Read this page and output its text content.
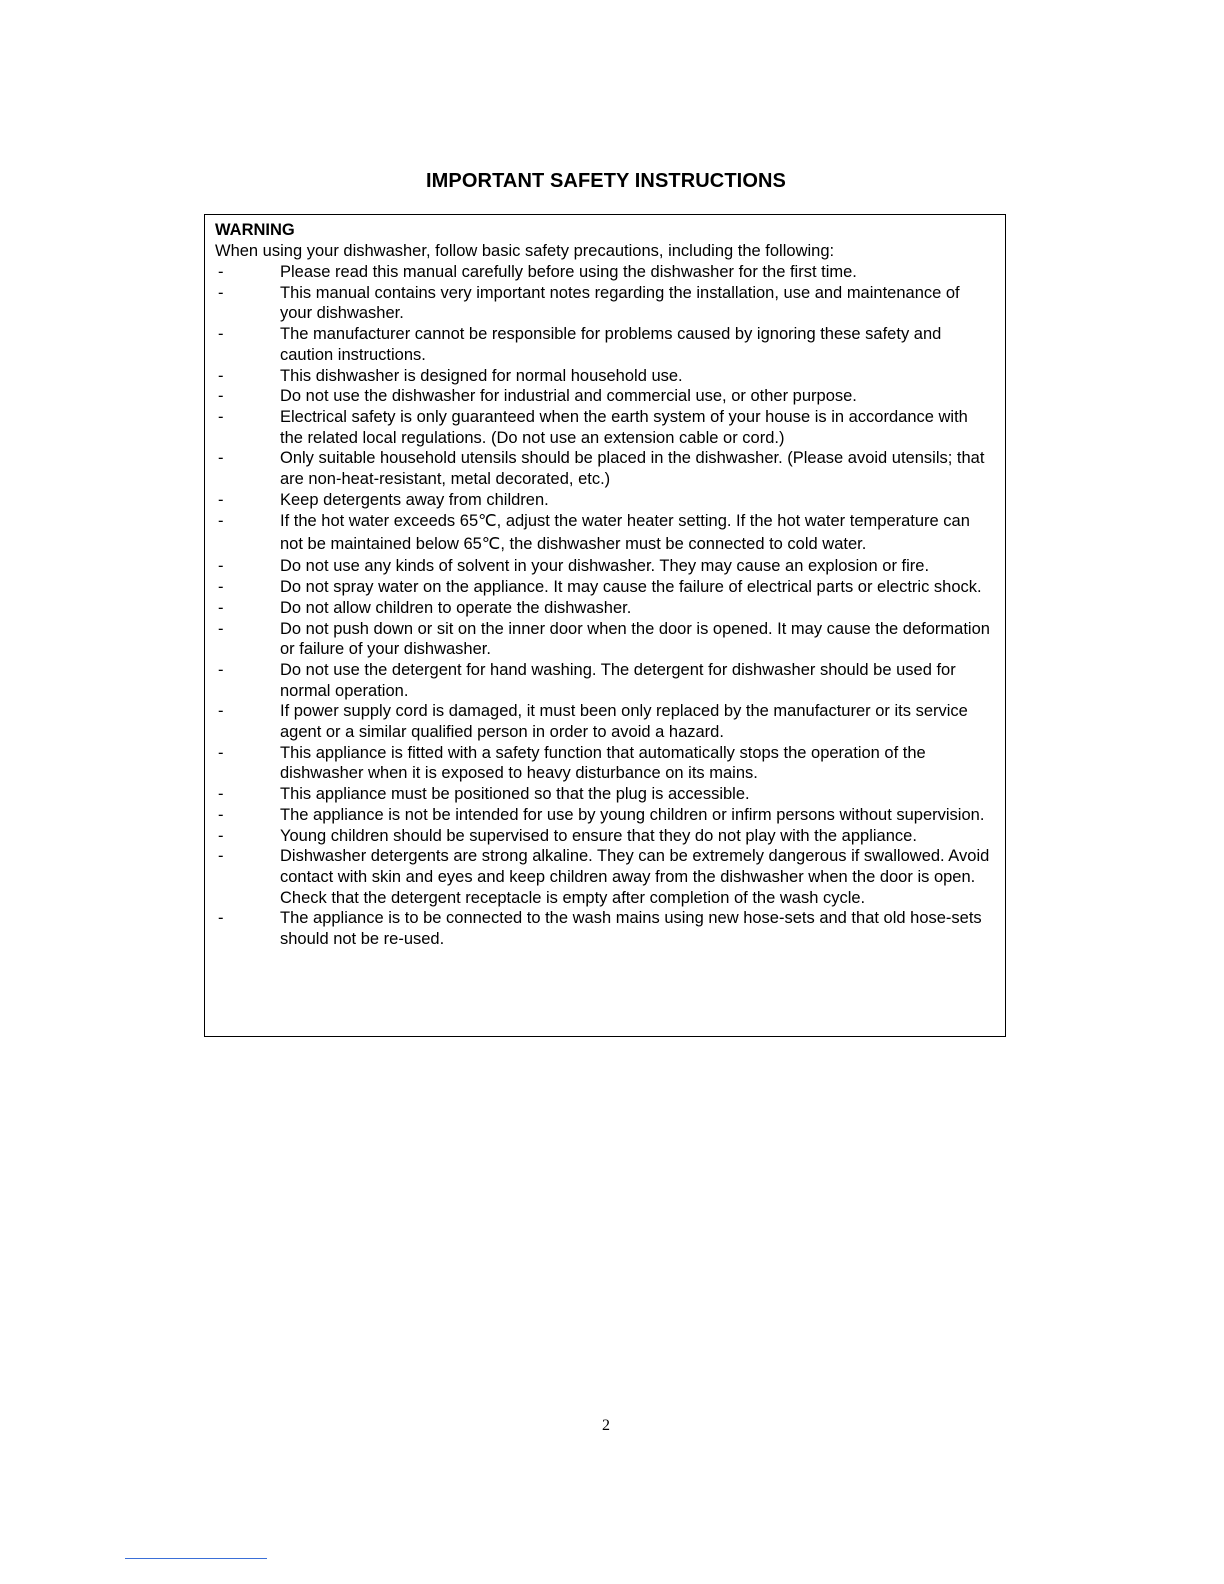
IMPORTANT SAFETY INSTRUCTIONS
WARNING
When using your dishwasher, follow basic safety precautions, including the following:
-	Please read this manual carefully before using the dishwasher for the first time.
-	This manual contains very important notes regarding the installation, use and maintenance of your dishwasher.
-	The manufacturer cannot be responsible for problems caused by ignoring these safety and caution instructions.
-	This dishwasher is designed for normal household use.
-	Do not use the dishwasher for industrial and commercial use, or other purpose.
-	Electrical safety is only guaranteed when the earth system of your house is in accordance with the related local regulations. (Do not use an extension cable or cord.)
-	Only suitable household utensils should be placed in the dishwasher. (Please avoid utensils; that are non-heat-resistant, metal decorated, etc.)
-	Keep detergents away from children.
-	If the hot water exceeds 65℃, adjust the water heater setting. If the hot water temperature can not be maintained below 65℃, the dishwasher must be connected to cold water.
-	Do not use any kinds of solvent in your dishwasher. They may cause an explosion or fire.
-	Do not spray water on the appliance. It may cause the failure of electrical parts or electric shock.
-	Do not allow children to operate the dishwasher.
-	Do not push down or sit on the inner door when the door is opened. It may cause the deformation or failure of your dishwasher.
-	Do not use the detergent for hand washing. The detergent for dishwasher should be used for normal operation.
-	If power supply cord is damaged, it must been only replaced by the manufacturer or its service agent or a similar qualified person in order to avoid a hazard.
-	This appliance is fitted with a safety function that automatically stops the operation of the dishwasher when it is exposed to heavy disturbance on its mains.
-	This appliance must be positioned so that the plug is accessible.
-	The appliance is not be intended for use by young children or infirm persons without supervision.
-	Young children should be supervised to ensure that they do not play with the appliance.
-	Dishwasher detergents are strong alkaline. They can be extremely dangerous if swallowed. Avoid contact with skin and eyes and keep children away from the dishwasher when the door is open. Check that the detergent receptacle is empty after completion of the wash cycle.
-	The appliance is to be connected to the wash mains using new hose-sets and that old hose-sets should not be re-used.
2
